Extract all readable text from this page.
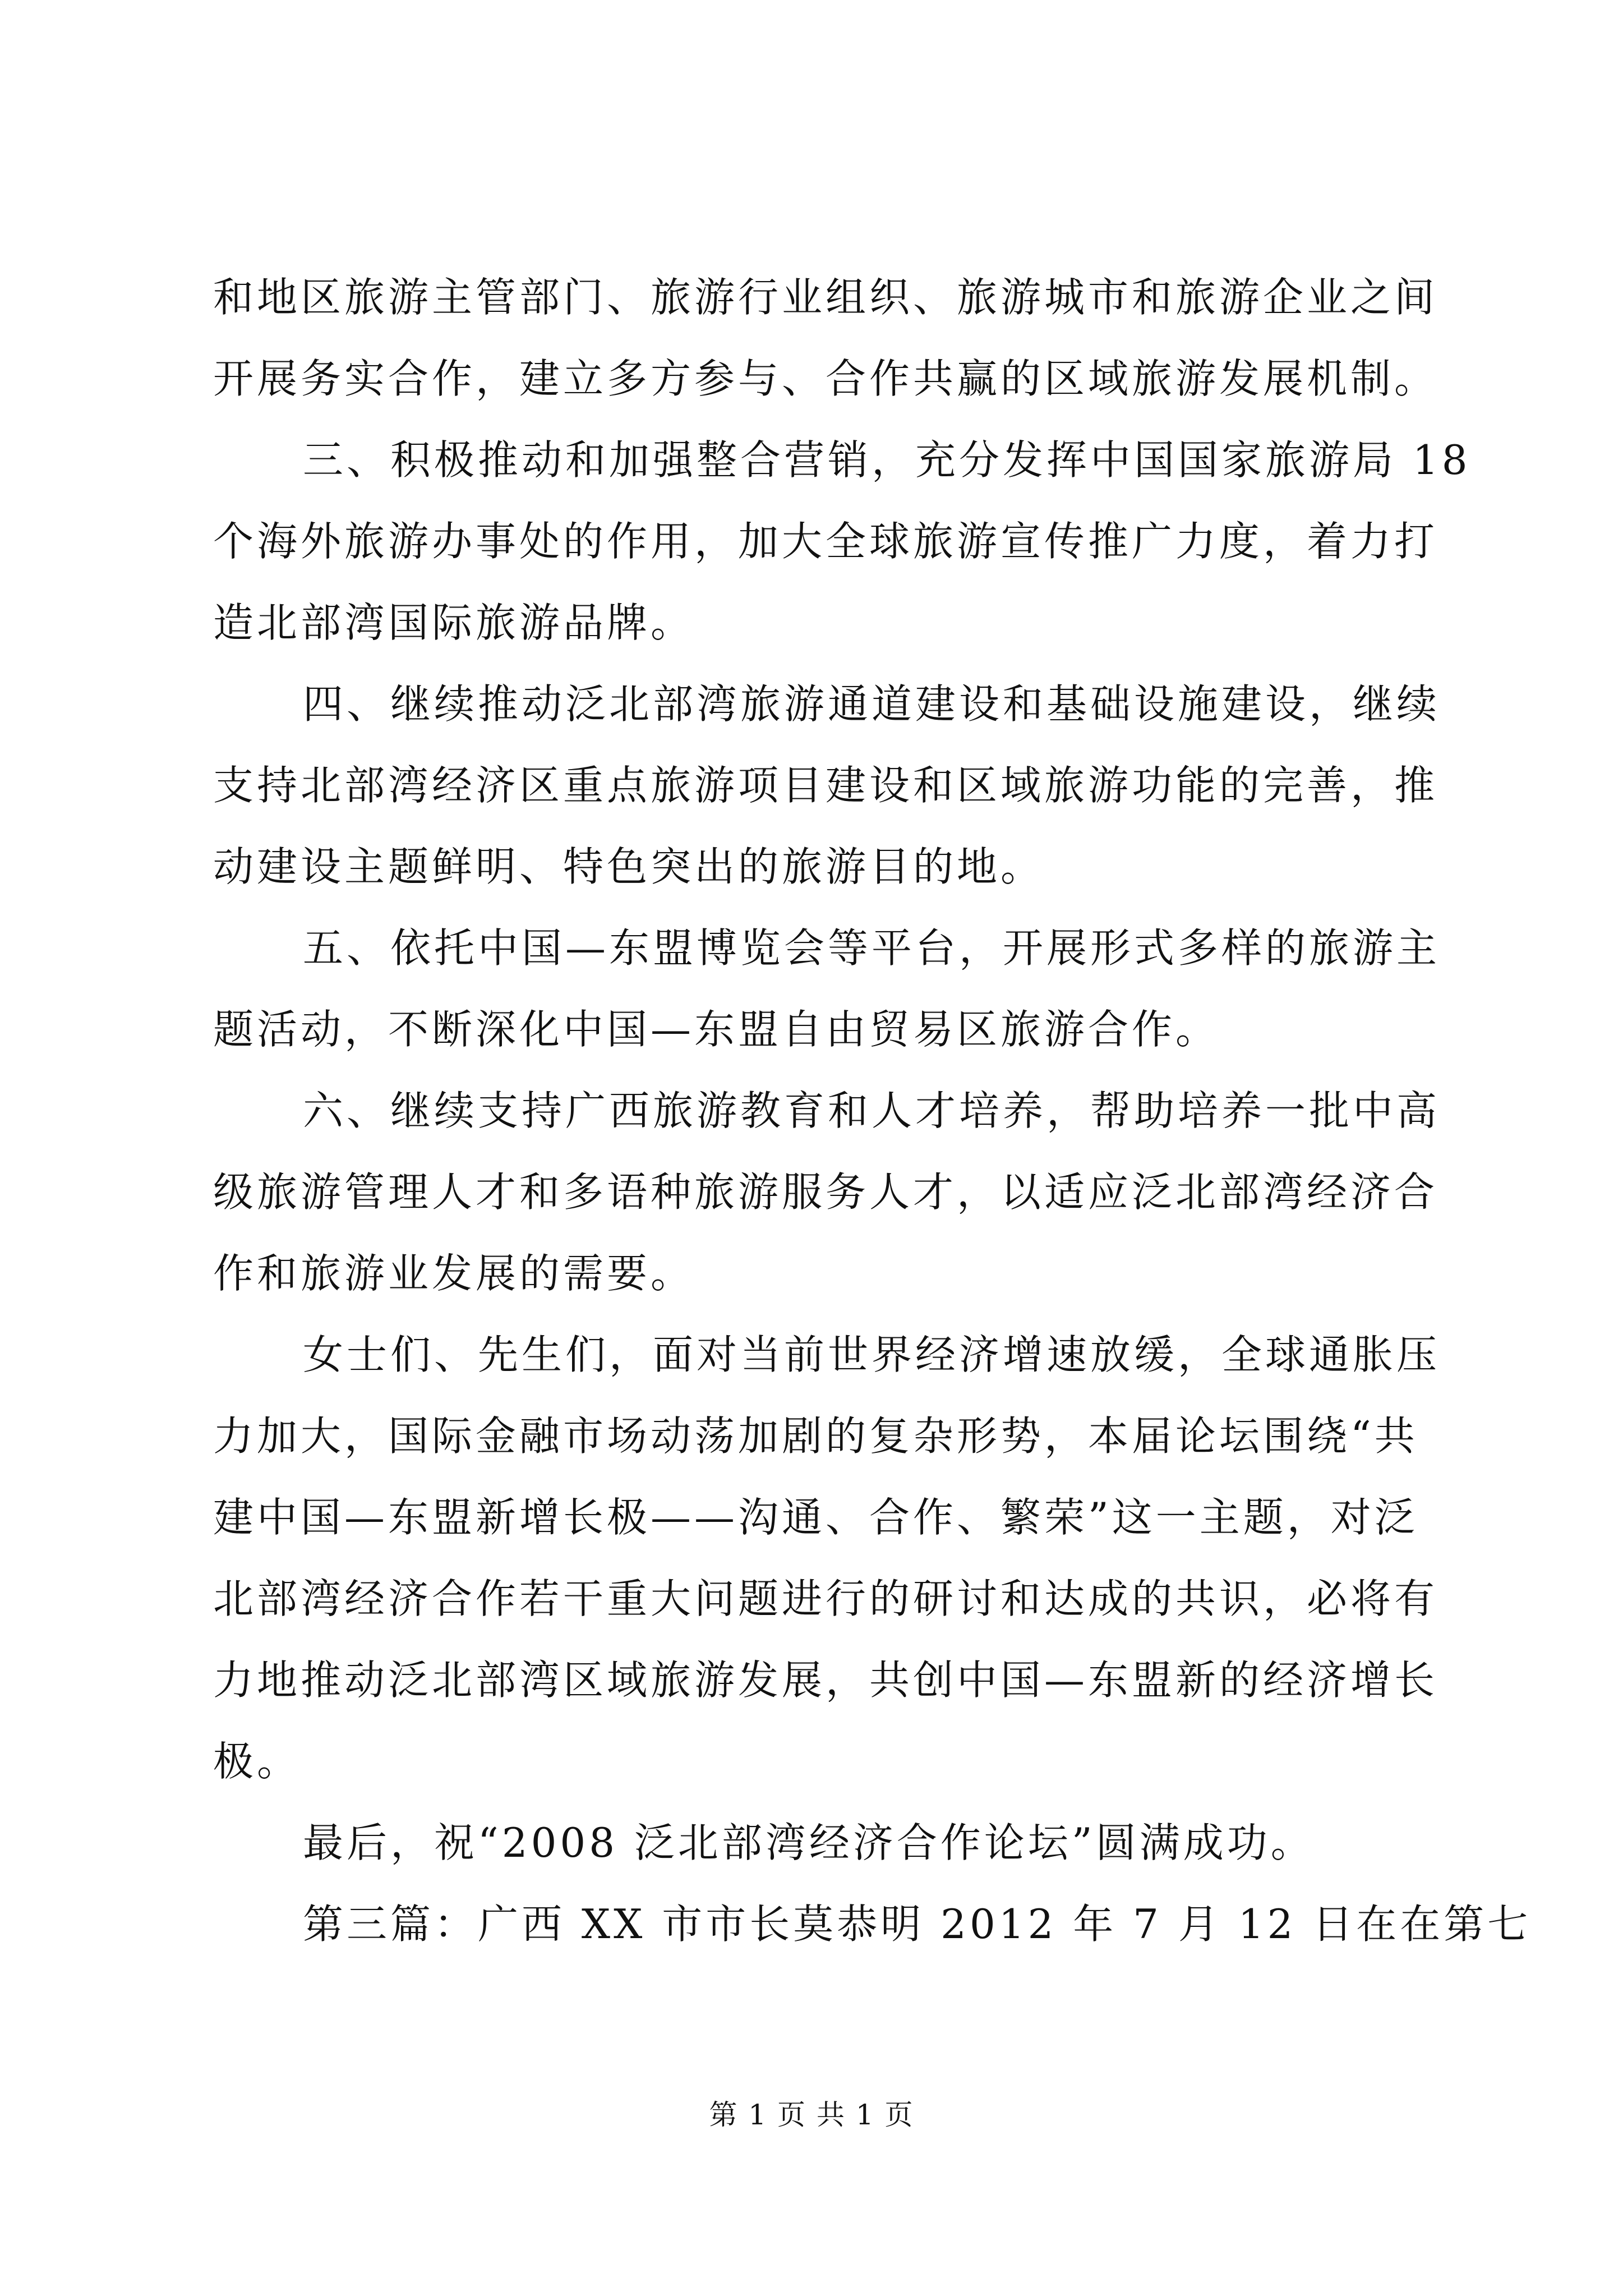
和地区旅游主管部门、旅游行业组织、旅游城市和旅游企业之间
开展务实合作，建立多方参与、合作共赢的区域旅游发展机制。
三、积极推动和加强整合营销，充分发挥中国国家旅游局 18
个海外旅游办事处的作用，加大全球旅游宣传推广力度，着力打
造北部湾国际旅游品牌。
四、继续推动泛北部湾旅游通道建设和基础设施建设，继续
支持北部湾经济区重点旅游项目建设和区域旅游功能的完善，推
动建设主题鲜明、特色突出的旅游目的地。
五、依托中国—东盟博览会等平台，开展形式多样的旅游主
题活动，不断深化中国—东盟自由贸易区旅游合作。
六、继续支持广西旅游教育和人才培养，帮助培养一批中高
级旅游管理人才和多语种旅游服务人才，以适应泛北部湾经济合
作和旅游业发展的需要。
女士们、先生们，面对当前世界经济增速放缓，全球通胀压
力加大，国际金融市场动荡加剧的复杂形势，本届论坛围绕“共
建中国—东盟新增长极——沟通、合作、繁荣”这一主题，对泛
北部湾经济合作若干重大问题进行的研讨和达成的共识，必将有
力地推动泛北部湾区域旅游发展，共创中国—东盟新的经济增长
极。
最后，祝“2008 泛北部湾经济合作论坛”圆满成功。
第三篇：广西 XX 市市长莫恭明 2012 年 7 月 12 日在在第七
第 1 页 共 1 页
